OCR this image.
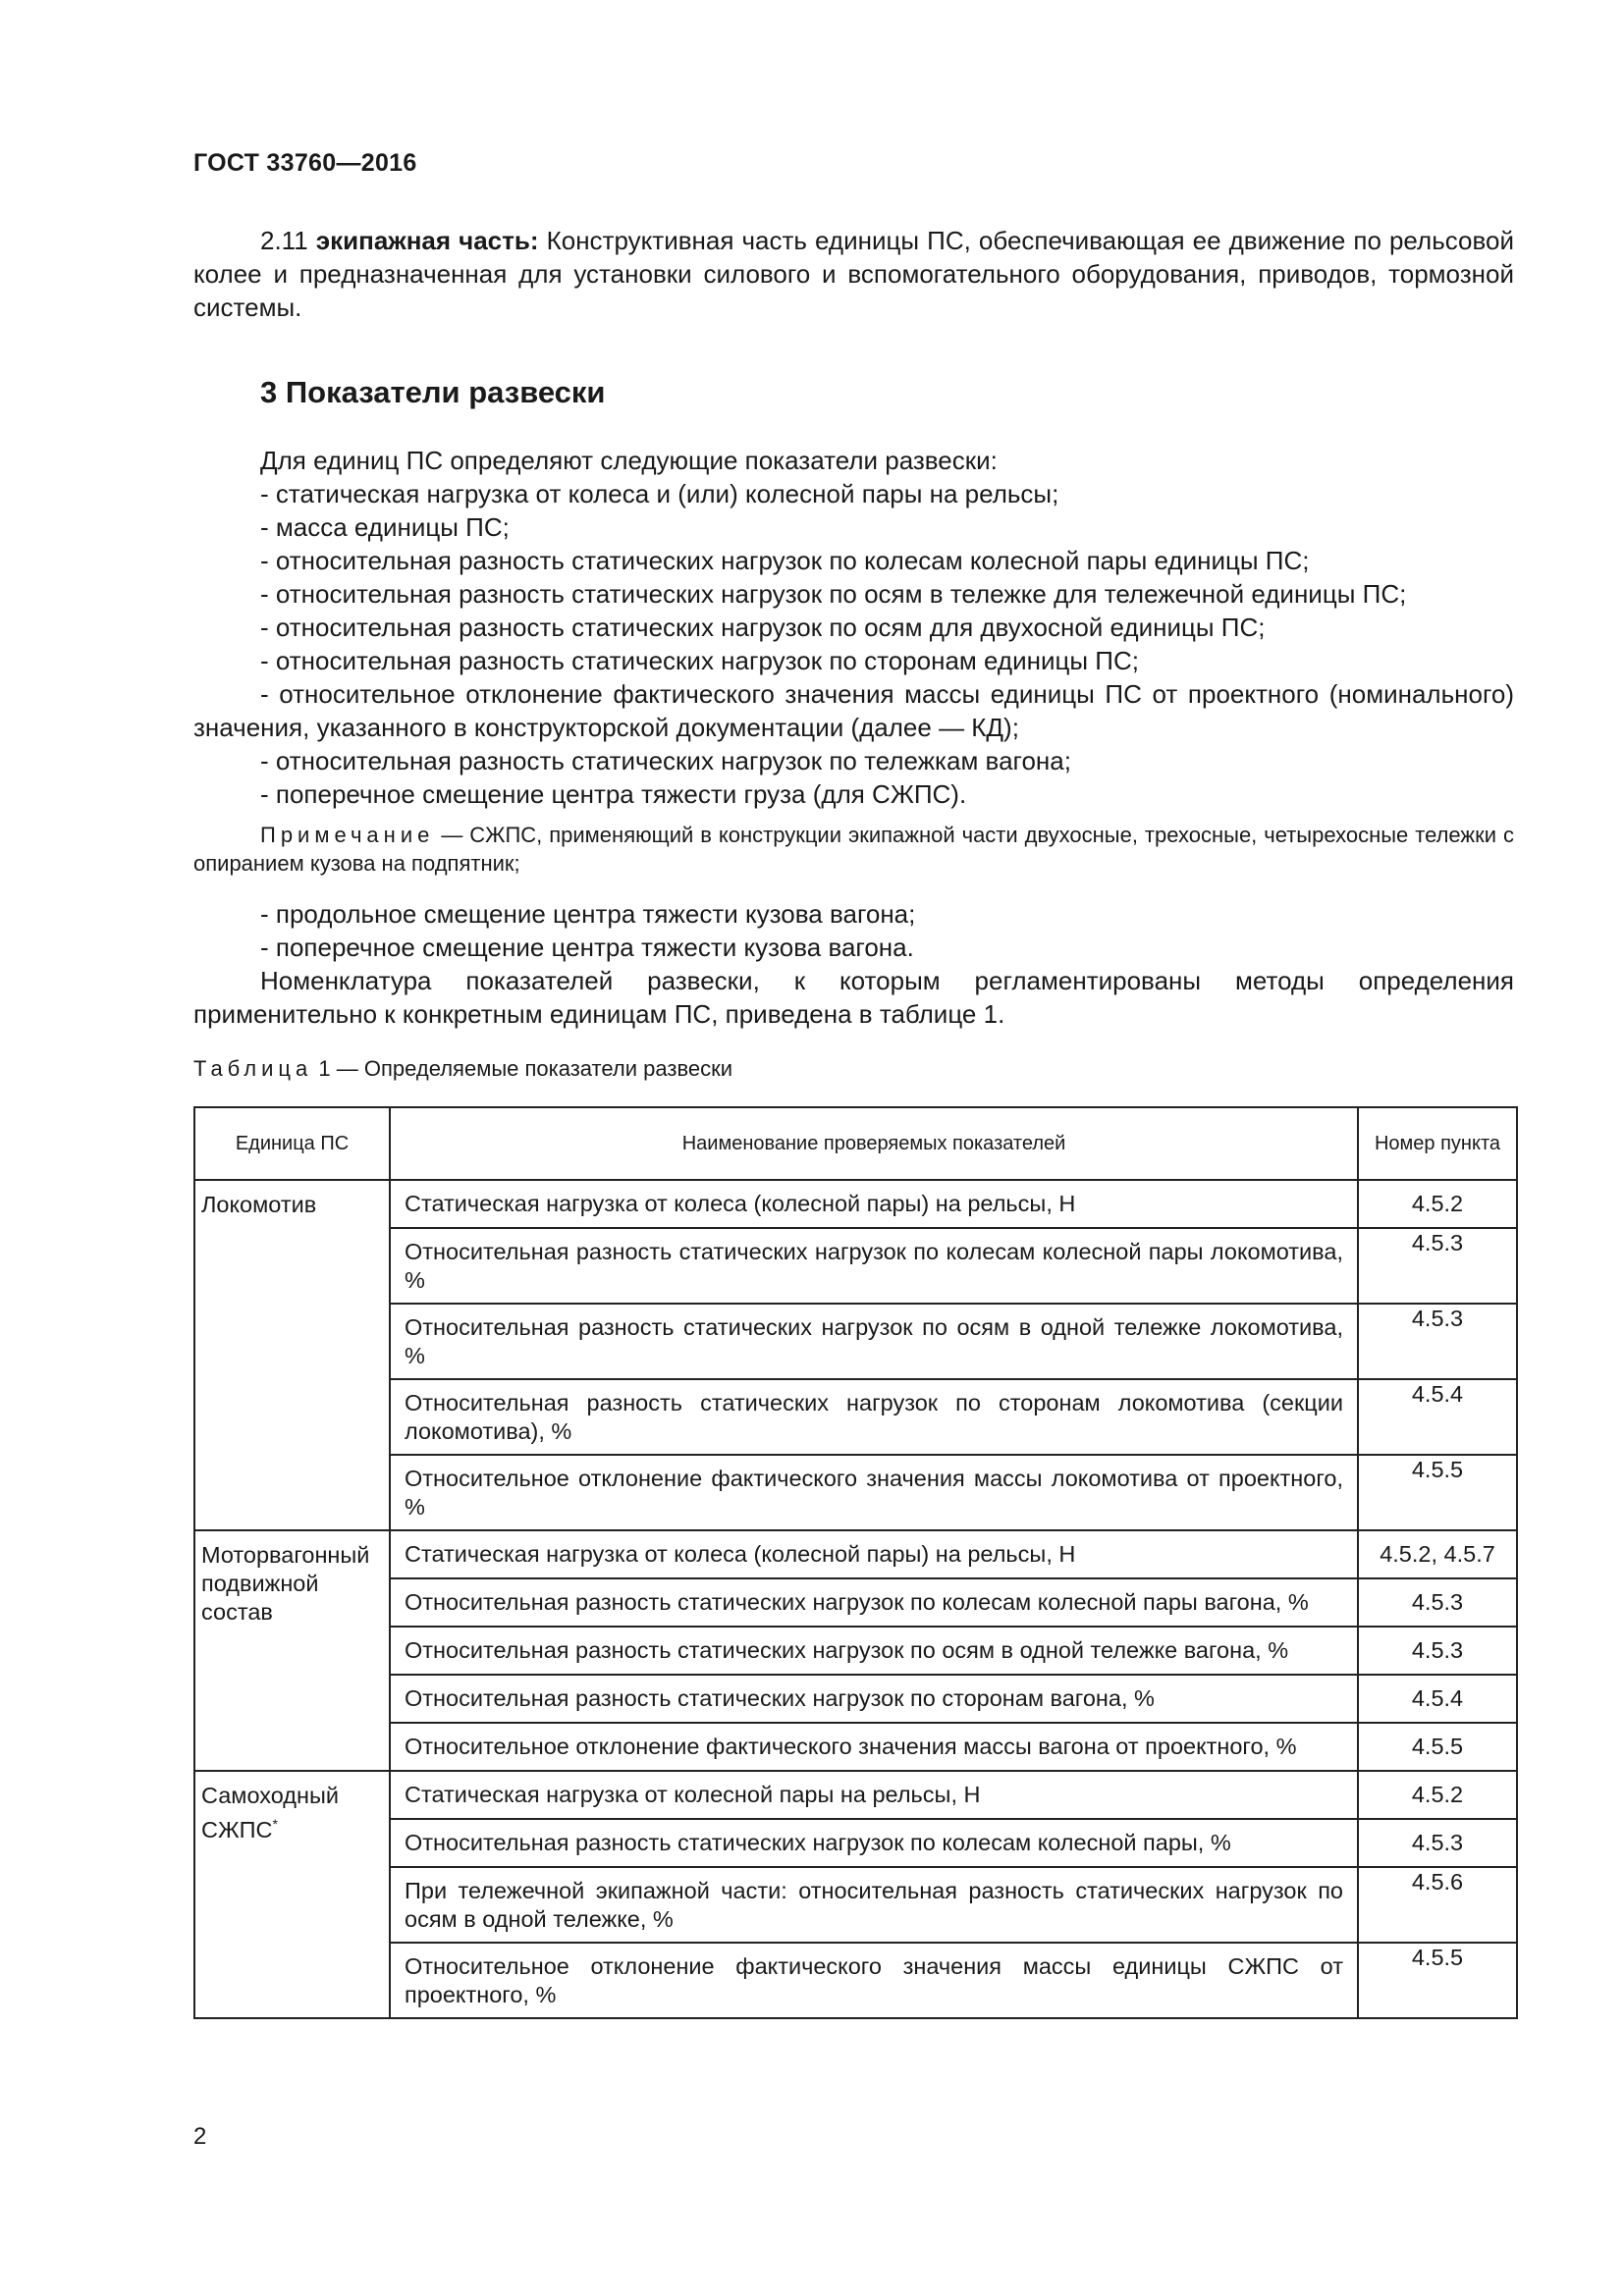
ГОСТ 33760—2016

2.11 экипажная часть: Конструктивная часть единицы ПС, обеспечивающая ее движение по рельсовой колее и предназначенная для установки силового и вспомогательного оборудования, приводов, тормозной системы.

3 Показатели развески

Для единиц ПС определяют следующие показатели развески:

- статическая нагрузка от колеса и (или) колесной пары на рельсы;

- масса единицы ПС;

- относительная разность статических нагрузок по колесам колесной пары единицы ПС;

- относительная разность статических нагрузок по осям в тележке для тележечной единицы ПС;

- относительная разность статических нагрузок по осям для двухосной единицы ПС;

- относительная разность статических нагрузок по сторонам единицы ПС;

- относительное отклонение фактического значения массы единицы ПС от проектного (номинального) значения, указанного в конструкторской документации (далее — КД);

- относительная разность статических нагрузок по тележкам вагона;

- поперечное смещение центра тяжести груза (для СЖПС).

Примечание — СЖПС, применяющий в конструкции экипажной части двухосные, трехосные, четырехосные тележки с опиранием кузова на подпятник;

- продольное смещение центра тяжести кузова вагона;

- поперечное смещение центра тяжести кузова вагона.

Номенклатура показателей развески, к которым регламентированы методы определения применительно к конкретным единицам ПС, приведена в таблице 1.

Таблица 1 — Определяемые показатели развески
Единица ПС	Наименование проверяемых показателей	Номер пункта
Локомотив	Статическая нагрузка от колеса (колесной пары) на рельсы, Н	4.5.2
	Относительная разность статических нагрузок по колесам колесной пары локомотива, %	4.5.3
	Относительная разность статических нагрузок по осям в одной тележке локомотива, %	4.5.3
	Относительная разность статических нагрузок по сторонам локомотива (секции локомотива), %	4.5.4
	Относительное отклонение фактического значения массы локомотива от проектного, %	4.5.5
Моторвагонный подвижной состав	Статическая нагрузка от колеса (колесной пары) на рельсы, Н	4.5.2, 4.5.7
	Относительная разность статических нагрузок по колесам колесной пары вагона, %	4.5.3
	Относительная разность статических нагрузок по осям в одной тележке вагона, %	4.5.3
	Относительная разность статических нагрузок по сторонам вагона, %	4.5.4
	Относительное отклонение фактического значения массы вагона от проектного, %	4.5.5
Самоходный СЖПС*	Статическая нагрузка от колесной пары на рельсы, Н	4.5.2
	Относительная разность статических нагрузок по колесам колесной пары, %	4.5.3
	При тележечной экипажной части: относительная разность статических нагрузок по осям в одной тележке, %	4.5.6
	Относительное отклонение фактического значения массы единицы СЖПС от проектного, %	4.5.5
2
